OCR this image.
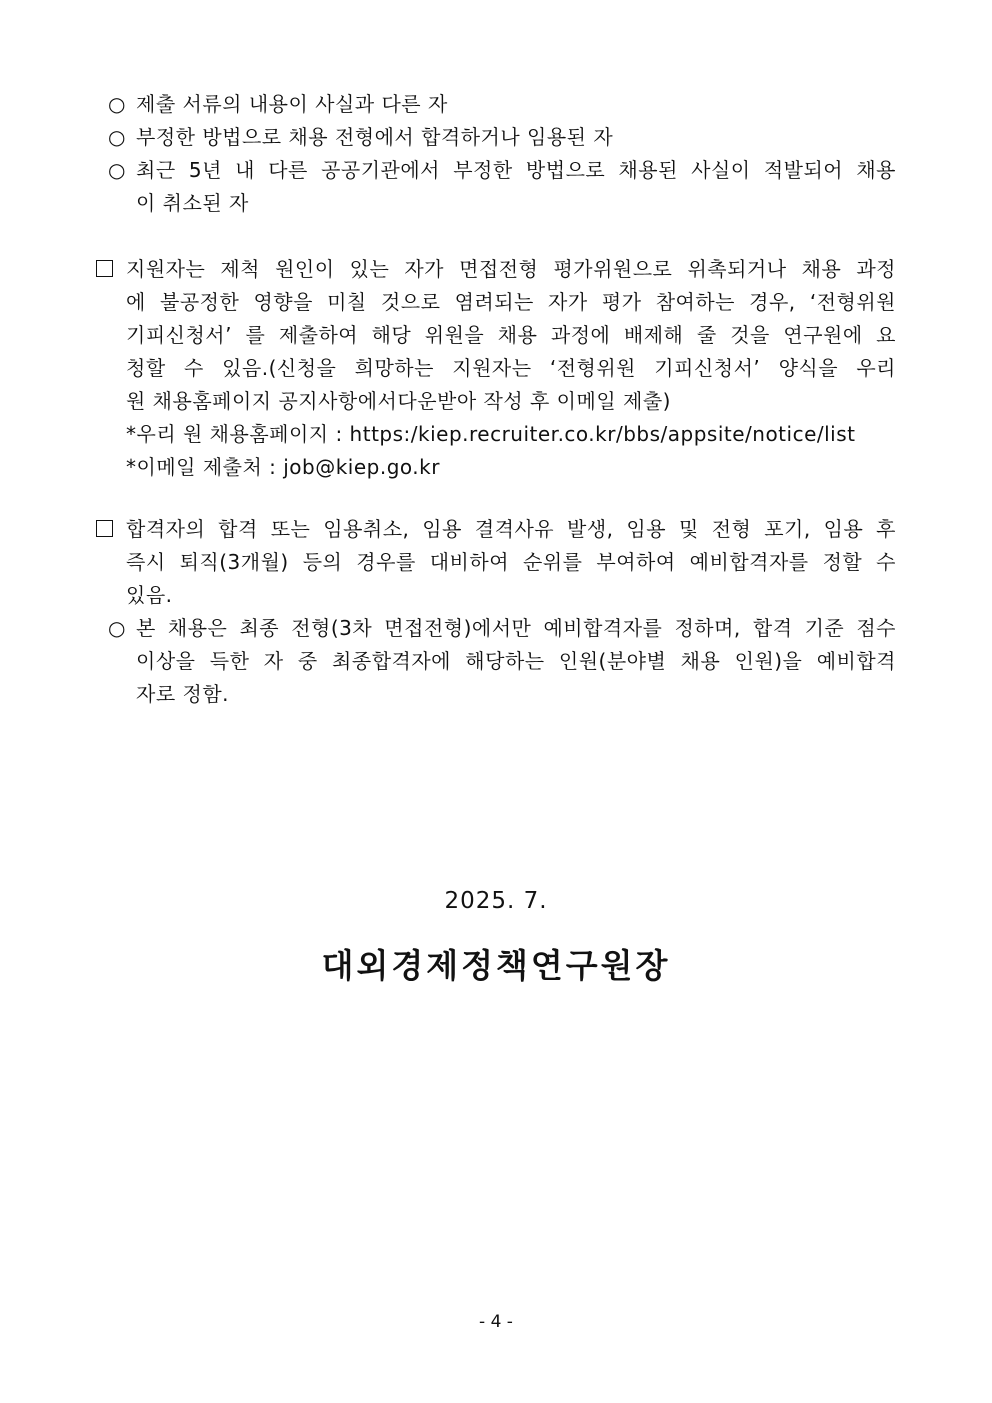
○ 제출 서류의 내용이 사실과 다른 자
○ 부정한 방법으로 채용 전형에서 합격하거나 임용된 자
○ 최근 5년 내 다른 공공기관에서 부정한 방법으로 채용된 사실이 적발되어 채용
이 취소된 자
지원자는 제척 원인이 있는 자가 면접전형 평가위원으로 위촉되거나 채용 과정
에 불공정한 영향을 미칠 것으로 염려되는 자가 평가 참여하는 경우, ‘전형위원
기피신청서’ 를 제출하여 해당 위원을 채용 과정에 배제해 줄 것을 연구원에 요
청할 수 있음.(신청을 희망하는 지원자는 ‘전형위원 기피신청서’ 양식을 우리
원 채용홈페이지 공지사항에서다운받아 작성 후 이메일 제출)
*우리 원 채용홈페이지 : https:/kiep.recruiter.co.kr/bbs/appsite/notice/list
*이메일 제출처 : job@kiep.go.kr
합격자의 합격 또는 임용취소, 임용 결격사유 발생, 임용 및 전형 포기, 임용 후
즉시 퇴직(3개월) 등의 경우를 대비하여 순위를 부여하여 예비합격자를 정할 수
있음.
○ 본 채용은 최종 전형(3차 면접전형)에서만 예비합격자를 정하며, 합격 기준 점수
이상을 득한 자 중 최종합격자에 해당하는 인원(분야별 채용 인원)을 예비합격
자로 정함.
2025. 7.
대외경제정책연구원장
- 4 -
